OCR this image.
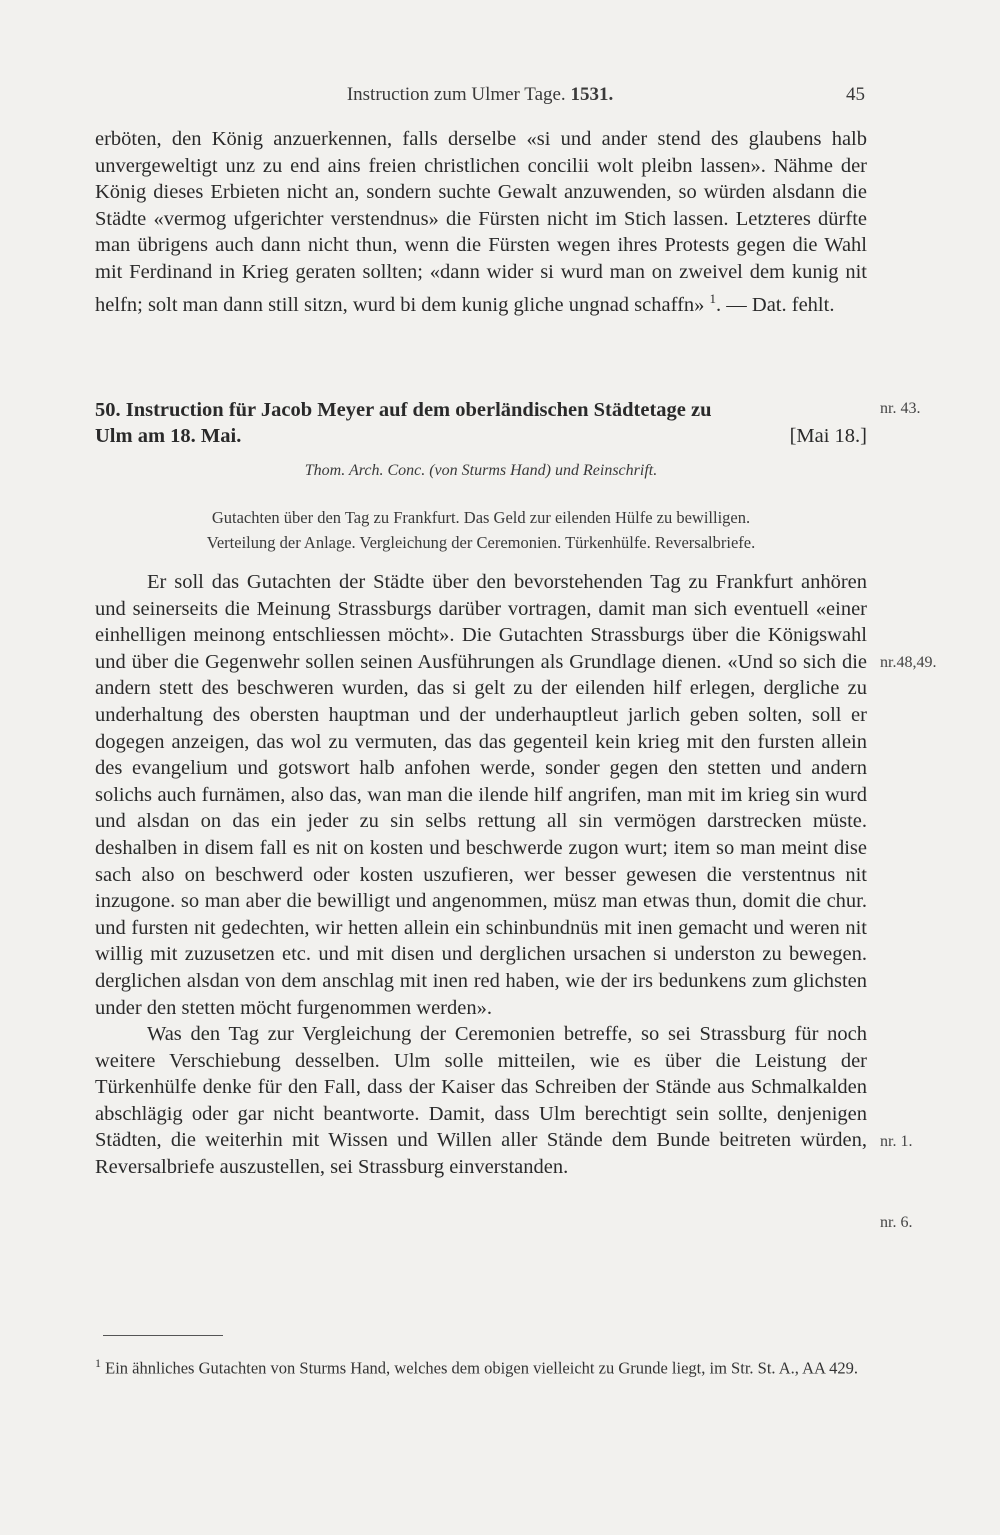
Instruction zum Ulmer Tage. 1531.	45

erböten, den König anzuerkennen, falls derselbe «si und ander stend des glaubens halb unvergeweltigt unz zu end ains freien christlichen concilii wolt pleibn lassen». Nähme der König dieses Erbieten nicht an, sondern suchte Gewalt anzuwenden, so würden alsdann die Städte «vermog ufgerichter verstendnus» die Fürsten nicht im Stich lassen. Letzteres dürfte man übrigens auch dann nicht thun, wenn die Fürsten wegen ihres Protests gegen die Wahl mit Ferdinand in Krieg geraten sollten; «dann wider si wurd man on zweivel dem kunig nit helfn; solt man dann still sitzn, wurd bi dem kunig gliche ungnad schaffn» $^1$. — Dat. fehlt.

50. Instruction für Jacob Meyer auf dem oberländischen Städtetage zu
Ulm am 18. Mai.	[Mai 18.]
nr. 43.
Thom. Arch. Conc. (von Sturms Hand) und Reinschrift.
Gutachten über den Tag zu Frankfurt. Das Geld zur eilenden Hülfe zu bewilligen.
Verteilung der Anlage. Vergleichung der Ceremonien. Türkenhülfe. Reversalbriefe.

Er soll das Gutachten der Städte über den bevorstehenden Tag zu Frankfurt anhören und seinerseits die Meinung Strassburgs darüber vortragen, damit man sich eventuell «einer einhelligen meinong entschliessen möcht». Die Gutachten Strassburgs über die Königswahl und über die Gegenwehr sollen seinen Ausführungen als Grundlage dienen. «Und so sich die andern stett des beschweren wurden, das si gelt zu der eilenden hilf erlegen, dergliche zu underhaltung des obersten hauptman und der underhauptleut jarlich geben solten, soll er dogegen anzeigen, das wol zu vermuten, das das gegenteil kein krieg mit den fursten allein des evangelium und gotswort halb anfohen werde, sonder gegen den stetten und andern solichs auch furnämen, also das, wan man die ilende hilf angrifen, man mit im krieg sin wurd und alsdan on das ein jeder zu sin selbs rettung all sin vermögen darstrecken müste. deshalben in disem fall es nit on kosten und beschwerde zugon wurt; item so man meint dise sach also on beschwerd oder kosten uszufieren, wer besser gewesen die verstentnus nit inzugone. so man aber die bewilligt und angenommen, müsz man etwas thun, domit die chur. und fursten nit gedechten, wir hetten allein ein schinbundnüs mit inen gemacht und weren nit willig mit zuzusetzen etc. und mit disen und derglichen ursachen si underston zu bewegen. derglichen alsdan von dem anschlag mit inen red haben, wie der irs bedunkens zum glichsten under den stetten möcht furgenommen werden».

Was den Tag zur Vergleichung der Ceremonien betreffe, so sei Strassburg für noch weitere Verschiebung desselben. Ulm solle mitteilen, wie es über die Leistung der Türkenhülfe denke für den Fall, dass der Kaiser das Schreiben der Stände aus Schmalkalden abschlägig oder gar nicht beantworte. Damit, dass Ulm berechtigt sein sollte, denjenigen Städten, die weiterhin mit Wissen und Willen aller Stände dem Bunde beitreten würden, Reversalbriefe auszustellen, sei Strassburg einverstanden.

nr.48,49.
nr. 1.
nr. 6.
$^1$ Ein ähnliches Gutachten von Sturms Hand, welches dem obigen vielleicht zu Grunde liegt, im Str. St. A., AA 429.
